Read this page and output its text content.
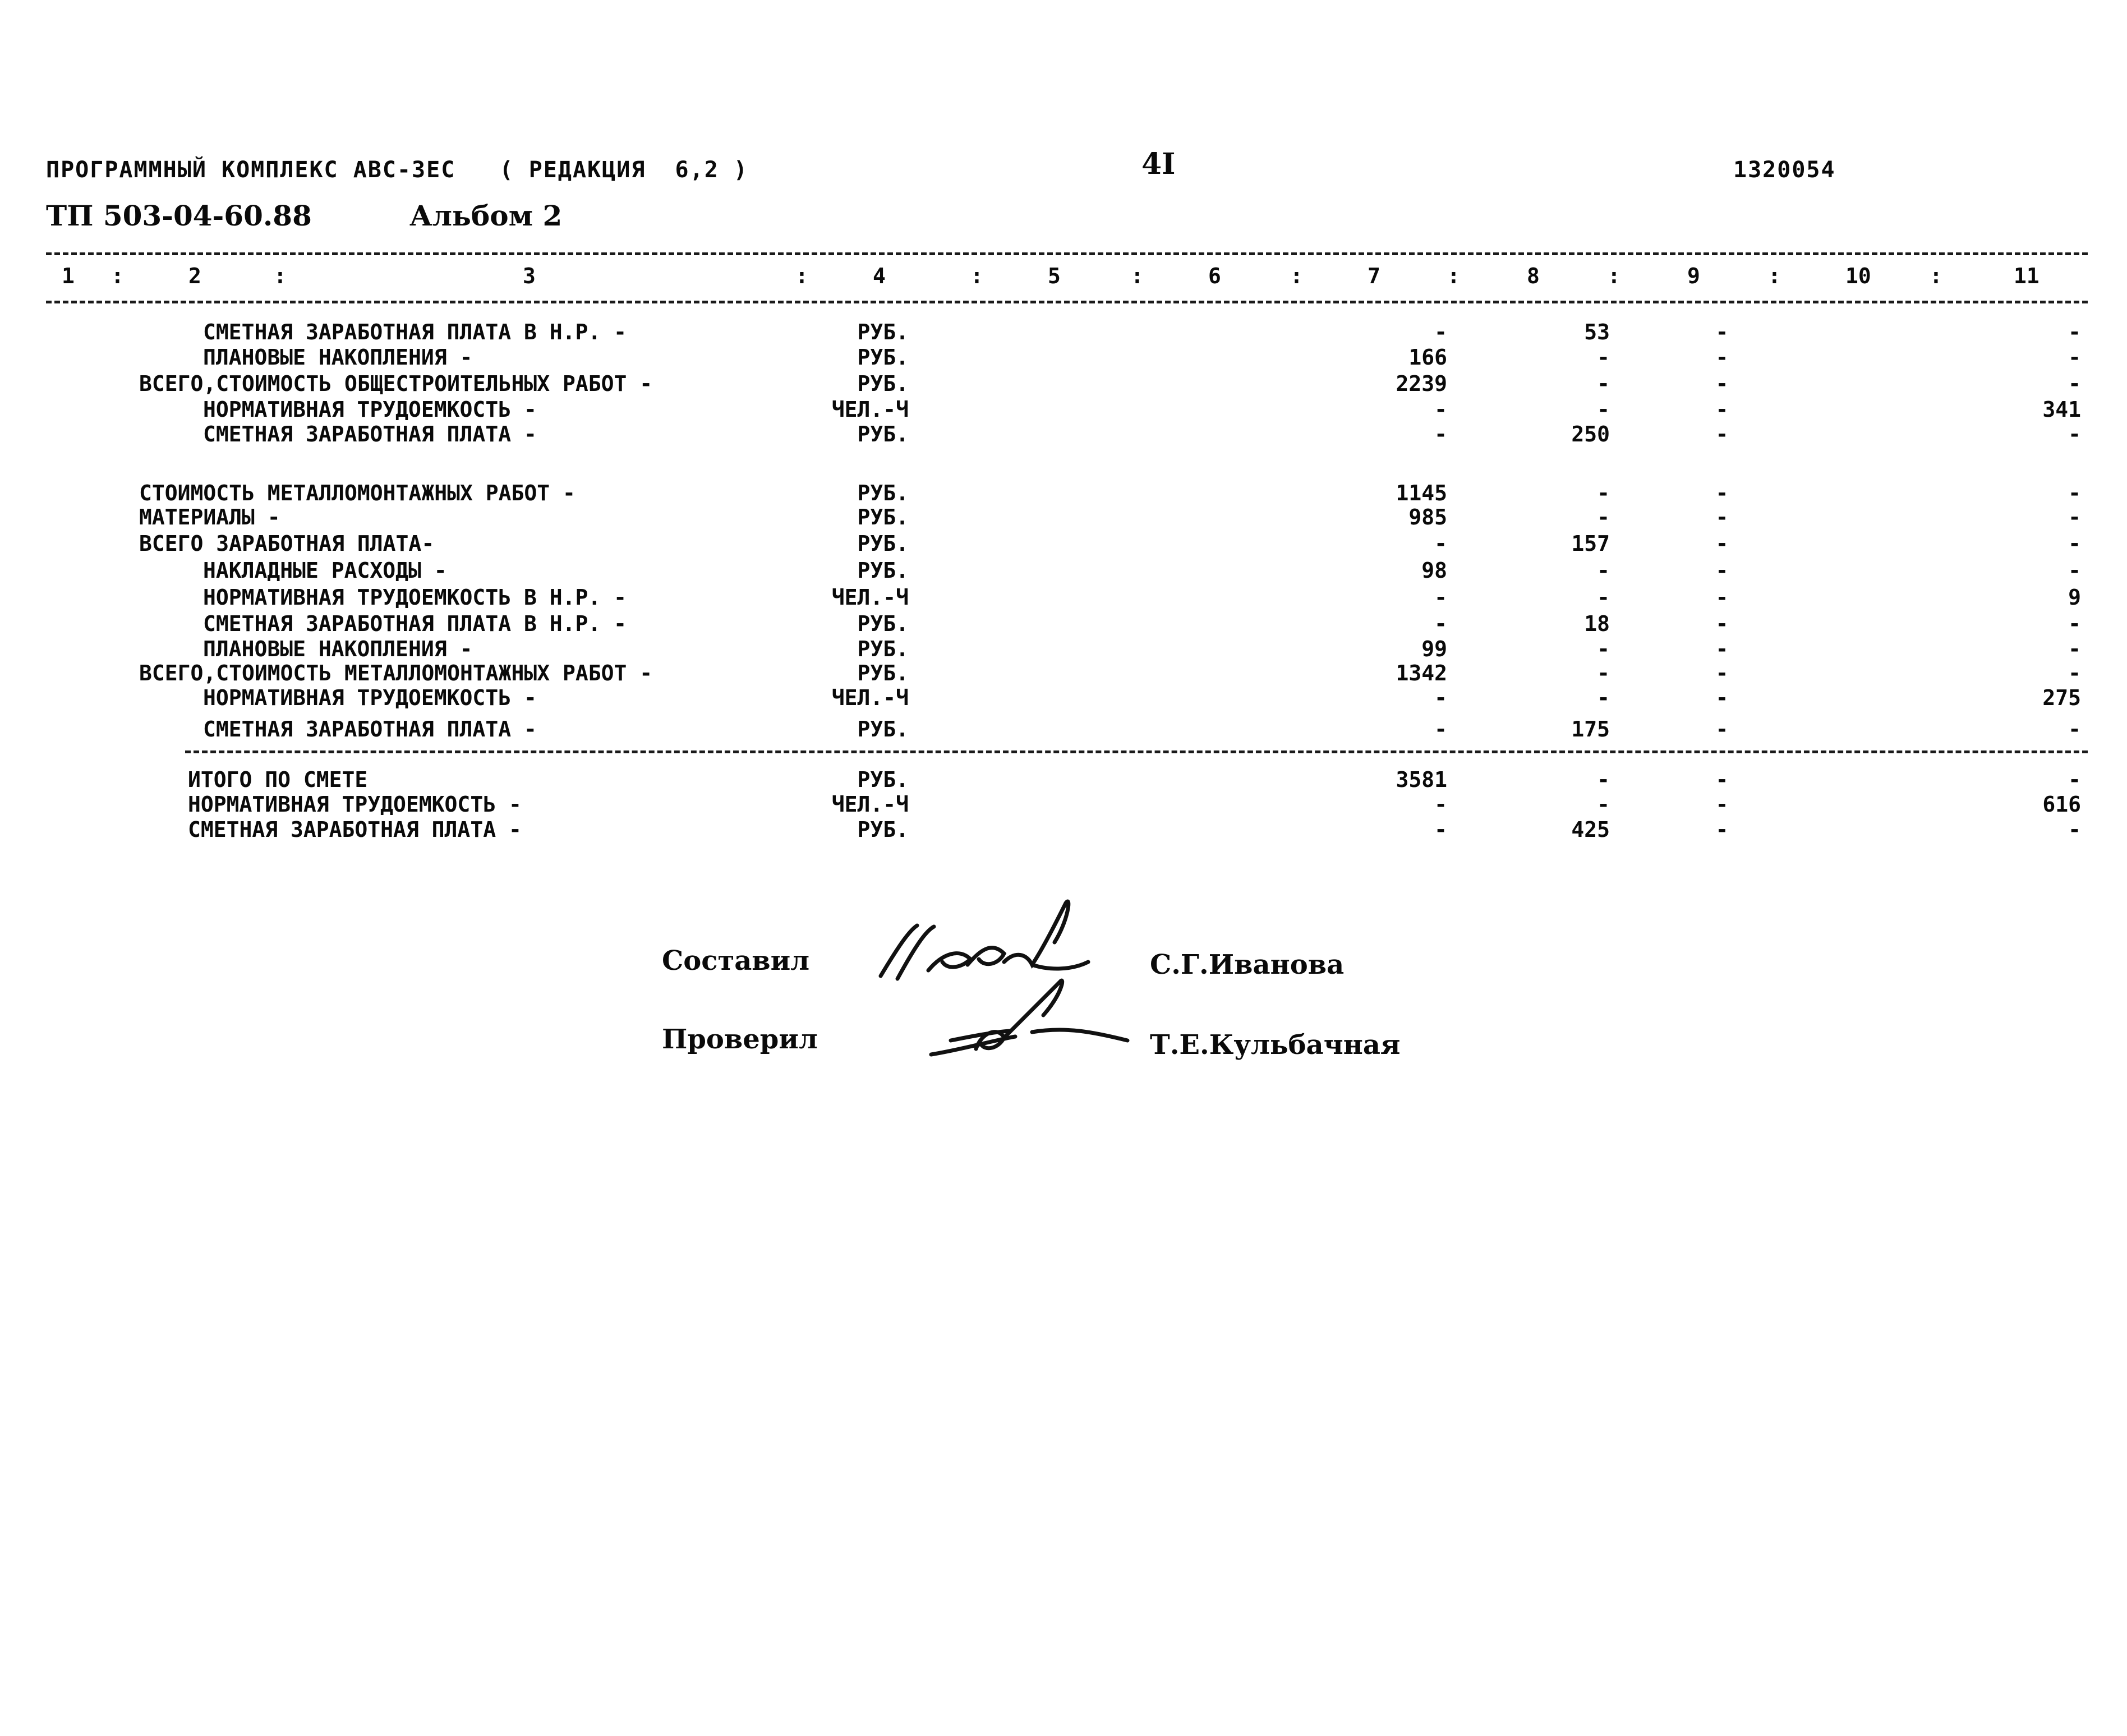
ПРОГРАММНЫЙ КОМПЛЕКС АВС-3ЕС   ( РЕДАКЦИЯ  6,2 )	4I	1320054
ТП 503-04-60.88	Альбом 2
1 :	2	:	3	:	4	:	5	:	6	:	7	:	8	:	9	:	10	:	11
СМЕТНАЯ ЗАРАБОТНАЯ ПЛАТА В Н.Р. -	РУБ.	-	53	-	-
ПЛАНОВЫЕ НАКОПЛЕНИЯ -	РУБ.	166	-	-	-
ВСЕГО,СТОИМОСТЬ ОБЩЕСТРОИТЕЛЬНЫХ РАБОТ -	РУБ.	2239	-	-	-
НОРМАТИВНАЯ ТРУДОЕМКОСТЬ -	ЧЕЛ.-Ч	-	-	-	341
СМЕТНАЯ ЗАРАБОТНАЯ ПЛАТА -	РУБ.	-	250	-	-
СТОИМОСТЬ МЕТАЛЛОМОНТАЖНЫХ РАБОТ -	РУБ.	1145	-	-	-
МАТЕРИАЛЫ -	РУБ.	985	-	-	-
ВСЕГО ЗАРАБОТНАЯ ПЛАТА-	РУБ.	-	157	-	-
НАКЛАДНЫЕ РАСХОДЫ -	РУБ.	98	-	-	-
НОРМАТИВНАЯ ТРУДОЕМКОСТЬ В Н.Р. -	ЧЕЛ.-Ч	-	-	-	9
СМЕТНАЯ ЗАРАБОТНАЯ ПЛАТА В Н.Р. -	РУБ.	-	18	-	-
ПЛАНОВЫЕ НАКОПЛЕНИЯ -	РУБ.	99	-	-	-
ВСЕГО,СТОИМОСТЬ МЕТАЛЛОМОНТАЖНЫХ РАБОТ -	РУБ.	1342	-	-	-
НОРМАТИВНАЯ ТРУДОЕМКОСТЬ -	ЧЕЛ.-Ч	-	-	-	275
СМЕТНАЯ ЗАРАБОТНАЯ ПЛАТА -	РУБ.	-	175	-	-
ИТОГО ПО СМЕТЕ	РУБ.	3581	-	-	-
НОРМАТИВНАЯ ТРУДОЕМКОСТЬ -	ЧЕЛ.-Ч	-	-	-	616
СМЕТНАЯ ЗАРАБОТНАЯ ПЛАТА -	РУБ.	-	425	-	-
Составил	С.Г.Иванова
Проверил	Т.Е.Кульбачная
